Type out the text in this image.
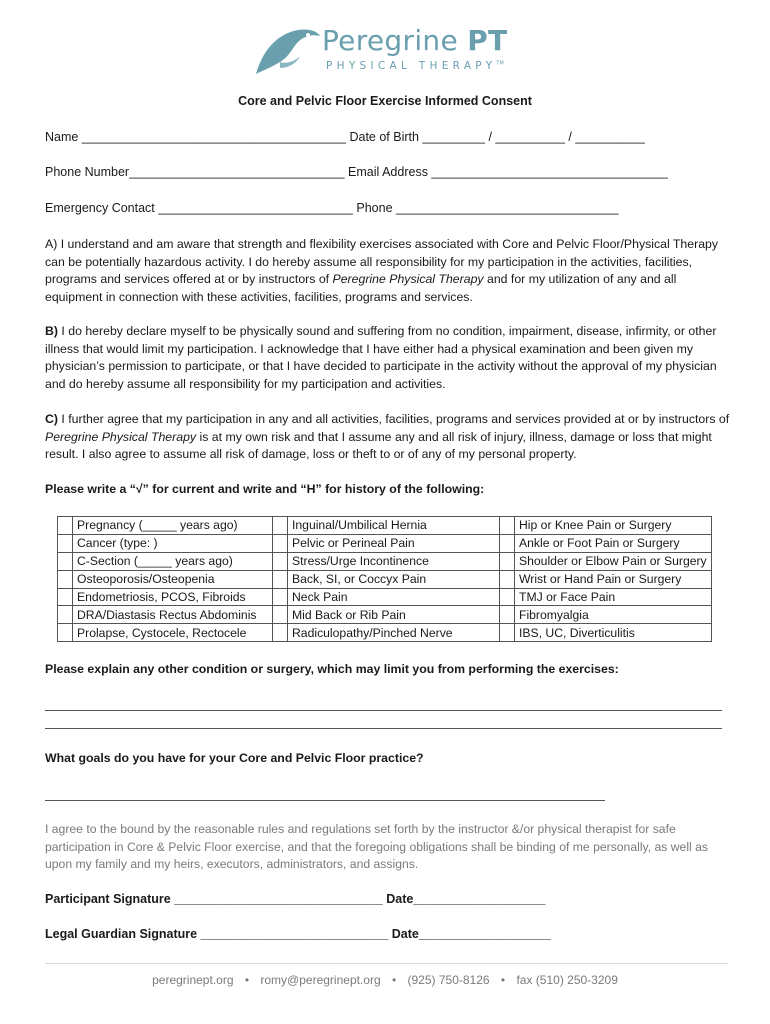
Peregrine PT
PHYSICAL THERAPY™
Core and Pelvic Floor Exercise Informed Consent
Name ______________________________________ Date of Birth _________ / __________ / __________
Phone Number_______________________________ Email Address __________________________________
Emergency Contact ____________________________ Phone ________________________________
A) I understand and am aware that strength and flexibility exercises associated with Core and Pelvic Floor/Physical Therapy can be potentially hazardous activity. I do hereby assume all responsibility for my participation in the activities, facilities, programs and services offered at or by instructors of Peregrine Physical Therapy and for my utilization of any and all equipment in connection with these activities, facilities, programs and services.
B) I do hereby declare myself to be physically sound and suffering from no condition, impairment, disease, infirmity, or other illness that would limit my participation. I acknowledge that I have either had a physical examination and been given my physician’s permission to participate, or that I have decided to participate in the activity without the approval of my physician and do hereby assume all responsibility for my participation and activities.
C) I further agree that my participation in any and all activities, facilities, programs and services provided at or by instructors of Peregrine Physical Therapy is at my own risk and that I assume any and all risk of injury, illness, damage or loss that might result. I also agree to assume all risk of damage, loss or theft to or of any of my personal property.
Please write a “√” for current and write and “H” for history of the following:
	Pregnancy (_____ years ago)		Inguinal/Umbilical Hernia		Hip or Knee Pain or Surgery
	Cancer (type: )		Pelvic or Perineal Pain		Ankle or Foot Pain or Surgery
	C-Section (_____ years ago)		Stress/Urge Incontinence		Shoulder or Elbow Pain or Surgery
	Osteoporosis/Osteopenia		Back, SI, or Coccyx Pain		Wrist or Hand Pain or Surgery
	Endometriosis, PCOS, Fibroids		Neck Pain		TMJ or Face Pain
	DRA/Diastasis Rectus Abdominis		Mid Back or Rib Pain		Fibromyalgia
	Prolapse, Cystocele, Rectocele		Radiculopathy/Pinched Nerve		IBS, UC, Diverticulitis
Please explain any other condition or surgery, which may limit you from performing the exercises:
What goals do you have for your Core and Pelvic Floor practice?
I agree to the bound by the reasonable rules and regulations set forth by the instructor &/or physical therapist for safe participation in Core & Pelvic Floor exercise, and that the foregoing obligations shall be binding of me personally, as well as upon my family and my heirs, executors, administrators, and assigns.
Participant Signature ______________________________ Date___________________
Legal Guardian Signature ___________________________ Date___________________
peregrinept.org • romy@peregrinept.org • (925) 750-8126 • fax (510) 250-3209
